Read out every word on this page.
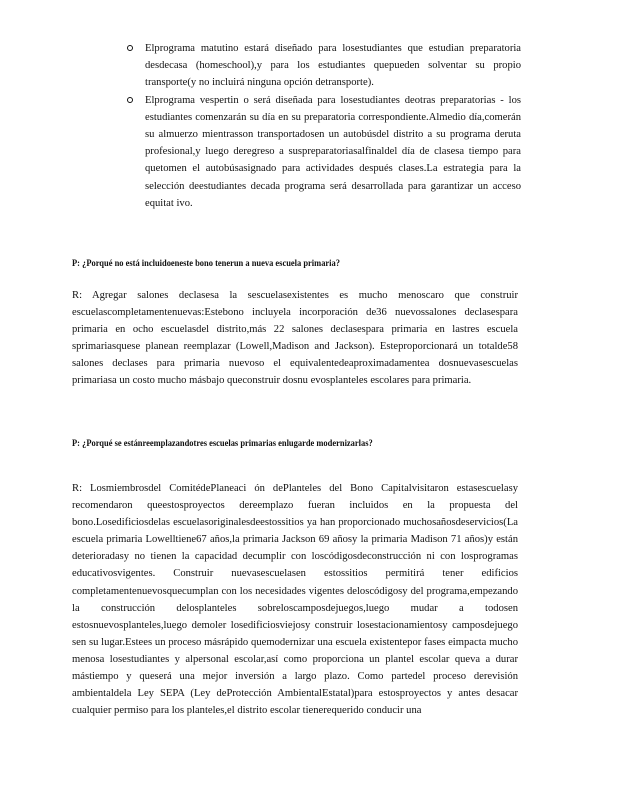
Elprograma matutino estará diseñado para losestudiantes que estudian preparatoria desdecasa (homeschool),y para los estudiantes quepueden solventar su propio transporte(y no incluirá ninguna opción detransporte).
Elprograma vespertin o será diseñada para losestudiantes deotras preparatorias - los estudiantes comenzarán su día en su preparatoria correspondiente.Almedio día,comerán su almuerzo mientrasson transportadosen un autobúsdel distrito a su programa deruta profesional,y luego deregreso a suspreparatoriasalfinaldel día de clasesa tiempo para quetomen el autobúsasignado para actividades después clases.La estrategia para la selección deestudiantes decada programa será desarrollada para garantizar un acceso equitat ivo.

P: ¿Porqué no está incluidoeneste bono tenerun a nueva escuela primaria?

R: Agregar salones declasesa la sescuelasexistentes es mucho menoscaro que construir escuelascompletamentenuevas:Estebono incluyela incorporación de36 nuevossalones declasespara primaria en ocho escuelasdel distrito,más 22 salones declasespara primaria en lastres escuela sprimariasquese planean reemplazar (Lowell,Madison and Jackson). Esteproporcionará un totalde58 salones declases para primaria nuevoso el equivalentedeaproximadamentea dosnuevasescuelas primariasa un costo mucho másbajo queconstruir dosnu evosplanteles escolares para primaria.

P: ¿Porqué se estánreemplazandotres escuelas primarias enlugarde modernizarlas?

R: Losmiembrosdel ComitédePlaneaci ón dePlanteles del Bono Capitalvisitaron estasescuelasy recomendaron queestosproyectos dereemplazo fueran incluidos en la propuesta del bono.Losedificiosdelas escuelasoriginalesdeestossitios ya han proporcionado muchosañosdeservicios(La escuela primaria Lowelltiene67 años,la primaria Jackson 69 añosy la primaria Madison 71 años)y están deterioradasy no tienen la capacidad decumplir con loscódigosdeconstrucción ni con losprogramas educativosvigentes. Construir nuevasescuelasen estossitios permitirá tener edificios completamentenuevosquecumplan con los necesidades vigentes deloscódigosy del programa,empezando la construcción delosplanteles sobreloscamposdejuegos,luego mudar a todosen estosnuevosplanteles,luego demoler losedificiosviejosy construir losestacionamientosy camposdejuego sen su lugar.Estees un proceso másrápido quemodernizar una escuela existentepor fases eimpacta mucho menosa losestudiantes y alpersonal escolar,así como proporciona un plantel escolar queva a durar mástiempo y queserá una mejor inversión a largo plazo. Como partedel proceso derevisión ambientaldela Ley SEPA (Ley deProtección AmbientalEstatal)para estosproyectos y antes desacar cualquier permiso para los planteles,el distrito escolar tienerequerido conducir una
